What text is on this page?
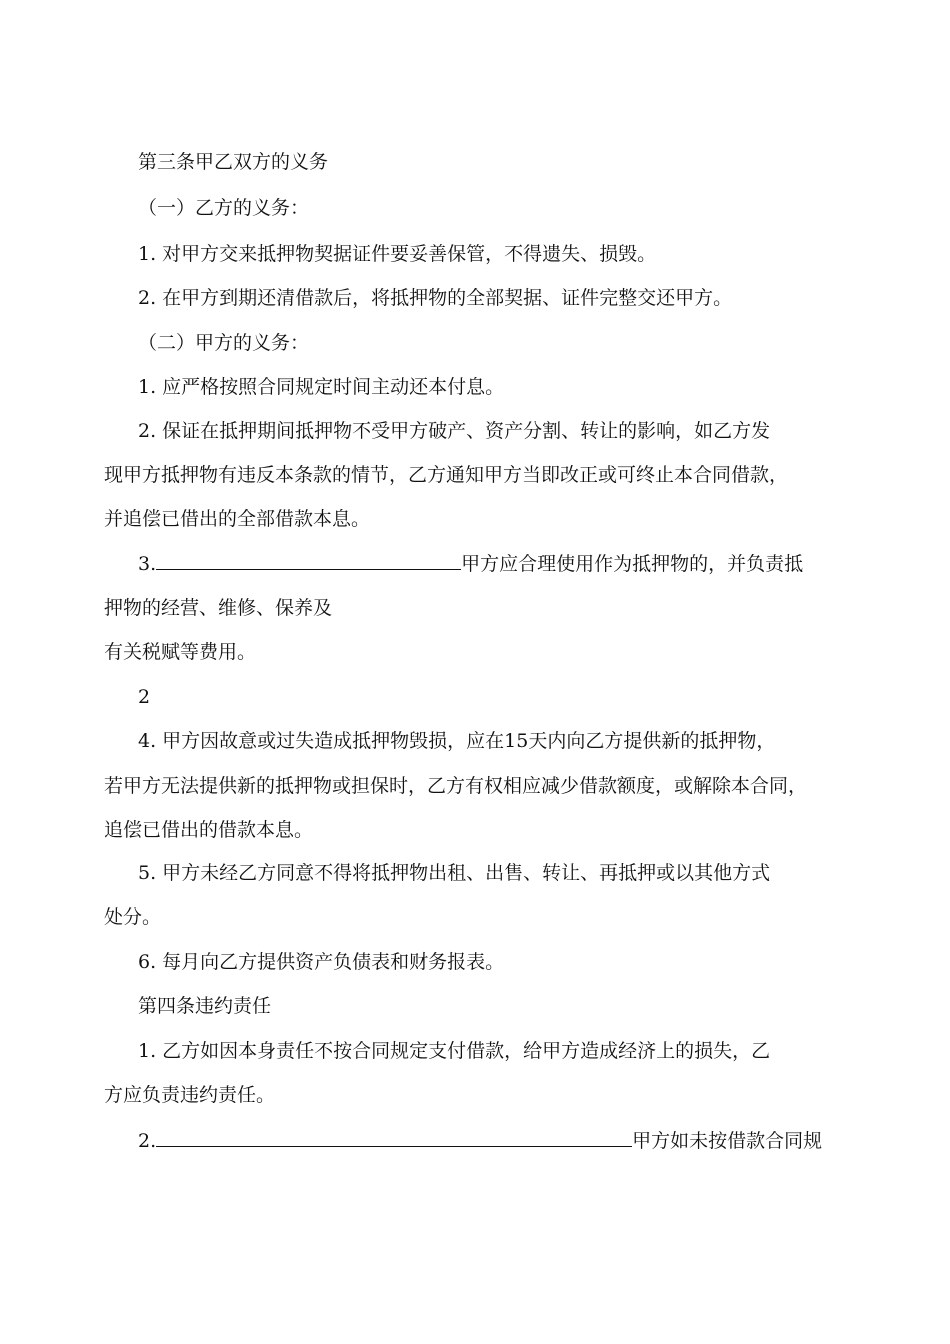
第三条甲乙双方的义务
（一）乙方的义务：
1. 对甲方交来抵押物契据证件要妥善保管，不得遗失、损毁。
2. 在甲方到期还清借款后，将抵押物的全部契据、证件完整交还甲方。
（二）甲方的义务：
1. 应严格按照合同规定时间主动还本付息。
2. 保证在抵押期间抵押物不受甲方破产、资产分割、转让的影响，如乙方发
现甲方抵押物有违反本条款的情节，乙方通知甲方当即改正或可终止本合同借款，
并追偿已借出的全部借款本息。
3.	甲方应合理使用作为抵押物的，并负责抵
押物的经营、维修、保养及
有关税赋等费用。
2
4. 甲方因故意或过失造成抵押物毁损，应在15天内向乙方提供新的抵押物，
若甲方无法提供新的抵押物或担保时，乙方有权相应减少借款额度，或解除本合同，
追偿已借出的借款本息。
5. 甲方未经乙方同意不得将抵押物出租、出售、转让、再抵押或以其他方式
处分。
6. 每月向乙方提供资产负债表和财务报表。
第四条违约责任
1. 乙方如因本身责任不按合同规定支付借款，给甲方造成经济上的损失，乙
方应负责违约责任。
2.	甲方如未按借款合同规
